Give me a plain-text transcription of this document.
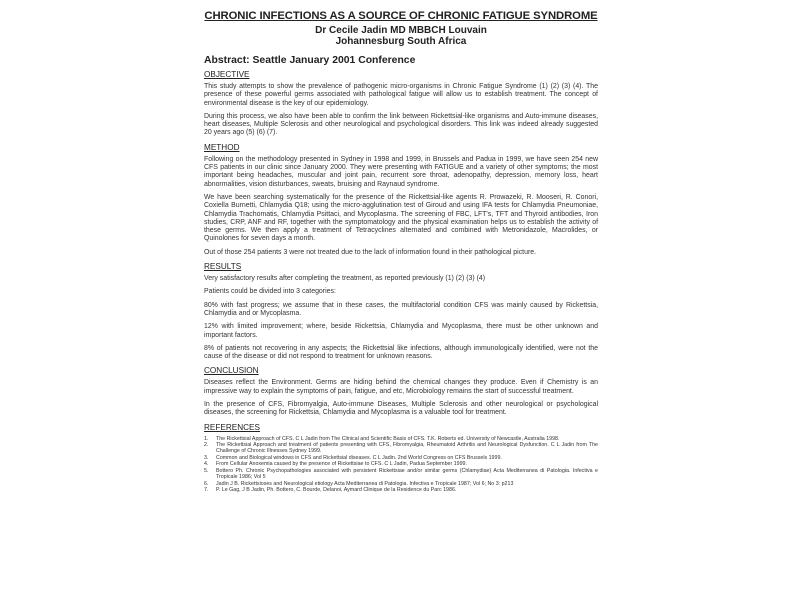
CHRONIC INFECTIONS AS A SOURCE OF CHRONIC FATIGUE SYNDROME
Dr Cecile Jadin MD MBBCH Louvain
Johannesburg South Africa
Abstract: Seattle January 2001 Conference
OBJECTIVE

This study attempts to show the prevalence of pathogenic micro-organisms in Chronic Fatigue Syndrome (1) (2) (3) (4). The presence of these powerful germs associated with pathological fatigue will allow us to establish treatment. The concept of environmental disease is the key of our epidemiology.

During this process, we also have been able to confirm the link between Rickettsial-like organisms and Auto-immune diseases, heart diseases, Multiple Sclerosis and other neurological and psychological disorders. This link was indeed already suggested 20 years ago (5) (6) (7).

METHOD

Following on the methodology presented in Sydney in 1998 and 1999, in Brussels and Padua in 1999, we have seen 254 new CFS patients in our clinic since January 2000. They were presenting with FATIGUE and a variety of other symptoms; the most important being headaches, muscular and joint pain, recurrent sore throat, adenopathy, depression, memory loss, heart abnormalities, vision disturbances, sweats, bruising and Raynaud syndrome.

We have been searching systematically for the presence of the Rickettsial-like agents R. Prowazeki, R. Mooseri, R. Conori, Coxiella Burnetti, Chlamydia Q18; using the micro-agglutination test of Giroud and using IFA tests for Chlamydia Pneumoniae, Chlamydia Trachomatis, Chlamydia Psittaci, and Mycoplasma. The screening of FBC, LFT's, TFT and Thyroid antibodies, Iron studies, CRP, ANF and RF, together with the symptomatology and the physical examination helps us to establish the activity of these germs. We then apply a treatment of Tetracyclines alternated and combined with Metronidazole, Macrolides, or Quinolones for seven days a month.

Out of those 254 patients 3 were not treated due to the lack of information found in their pathological picture.

RESULTS

Very satisfactory results after completing the treatment, as reported previously (1) (2) (3) (4)

Patients could be divided into 3 categories:

80% with fast progress; we assume that in these cases, the multifactorial condition CFS was mainly caused by Rickettsia, Chlamydia and or Mycoplasma.

12% with limited improvement; where, beside Rickettsia, Chlamydia and Mycoplasma, there must be other unknown and important factors.

8% of patients not recovering in any aspects; the Rickettsial like infections, although immunologically identified, were not the cause of the disease or did not respond to treatment for unknown reasons.

CONCLUSION

Diseases reflect the Environment. Germs are hiding behind the chemical changes they produce. Even if Chemistry is an impressive way to explain the symptoms of pain, fatigue, and etc, Microbiology remains the start of successful treatment.

In the presence of CFS, Fibromyalgia, Auto-immune Diseases, Multiple Sclerosis and other neurological or psychological diseases, the screening for Rickettsia, Chlamydia and Mycoplasma is a valuable tool for treatment.

REFERENCES
1.	The Rickettsial Approach of CFS. C L Jadin from The Clinical and Scientific Basis of CFS. T.K. Roberts ed. University of Newcastle, Australia 1998.
2.	The Rickettsial Approach and treatment of patients presenting with CFS, Fibromyalgia, Rheumatoid Arthritis and Neurological Dysfunction. C L Jadin from The Challenge of Chronic Illnesses Sydney 1999.
3.	Common and Biological windows in CFS and Rickettsial diseases. C L Jadin. 2nd World Congress on CFS Brussels 1999.
4.	From Cellular Anoxemia caused by the presence of Rickettsiae to CFS. C L Jadin, Padua September 1999.
5.	Bottero Ph. Chronic Psychopathologies associated with persistent Rickettsiae and/or similar germs (Chlamydiae) Acta Mediterranea di Patologia. Infectiva e Tropicale 1986; Vol 5
6.	Jadin J B. Rickettsioses and Neurological etiology Acta Mediterranea di Patologia. Infectiva e Tropicale 1987; Vol 6; No 3: p213
7.	P. Le Gag, J B Jadin, Ph. Bottero, C. Bourde, Delanoi, Aymard Clinique de la Residence du Parc 1986.
